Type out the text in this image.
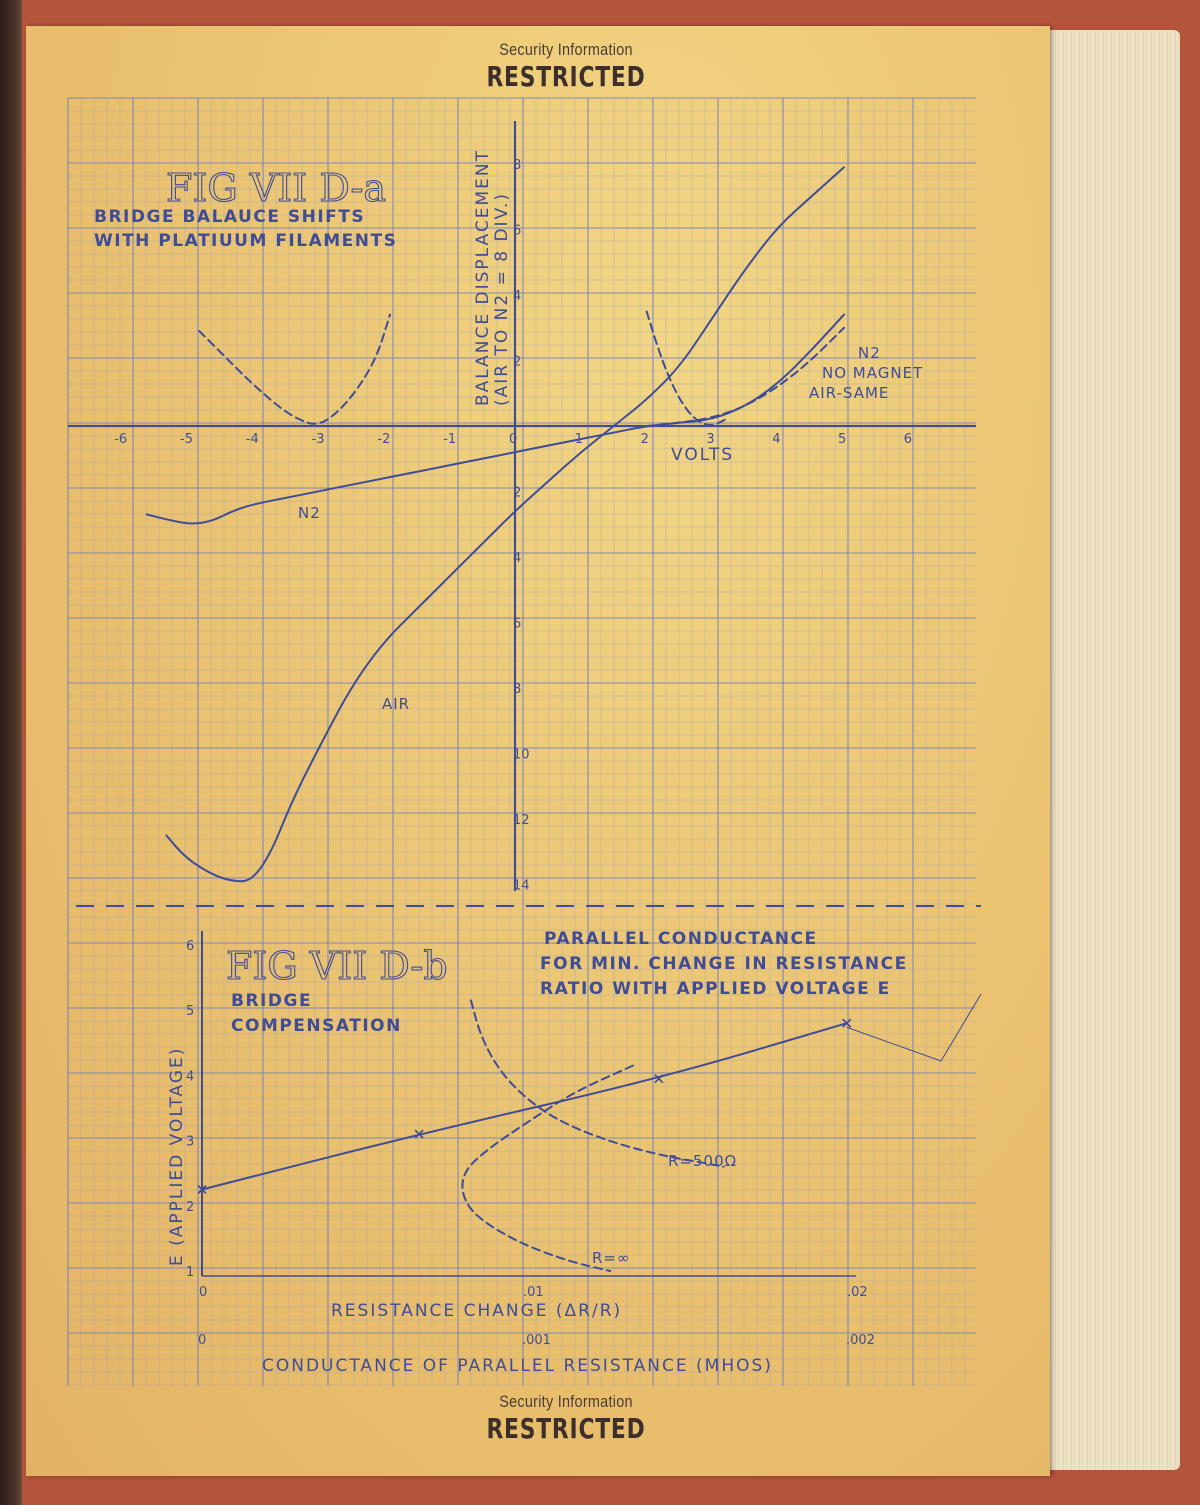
FIG VII D-a
BRIDGE BALAUCE SHIFTS
WITH PLATIUUM FILAMENTS	BALANCE DISPLACEMENT (AIR TO N2 = 8 DIV.)
VOLTS
N2
AIR
N2
NO MAGNET
AIR-SAME
FIG VII D-b
BRIDGE
COMPENSATION
PARALLEL CONDUCTANCE
FOR MIN. CHANGE IN RESISTANCE
RATIO WITH APPLIED VOLTAGE E
E (APPLIED VOLTAGE)
RESISTANCE CHANGE (ΔR/R)
CONDUCTANCE OF PARALLEL RESISTANCE (MHOS)
R=500Ω
R=∞
-6	-5	-4	-3	-2	-1	0	1	2	3	4	5	6
2
4
6
8
2
4
6
8
10
12
14
1
2
3
4
5
6
0	.01	.02
0	.001	.002
Security Information
RESTRICTED
Security Information
RESTRICTED
